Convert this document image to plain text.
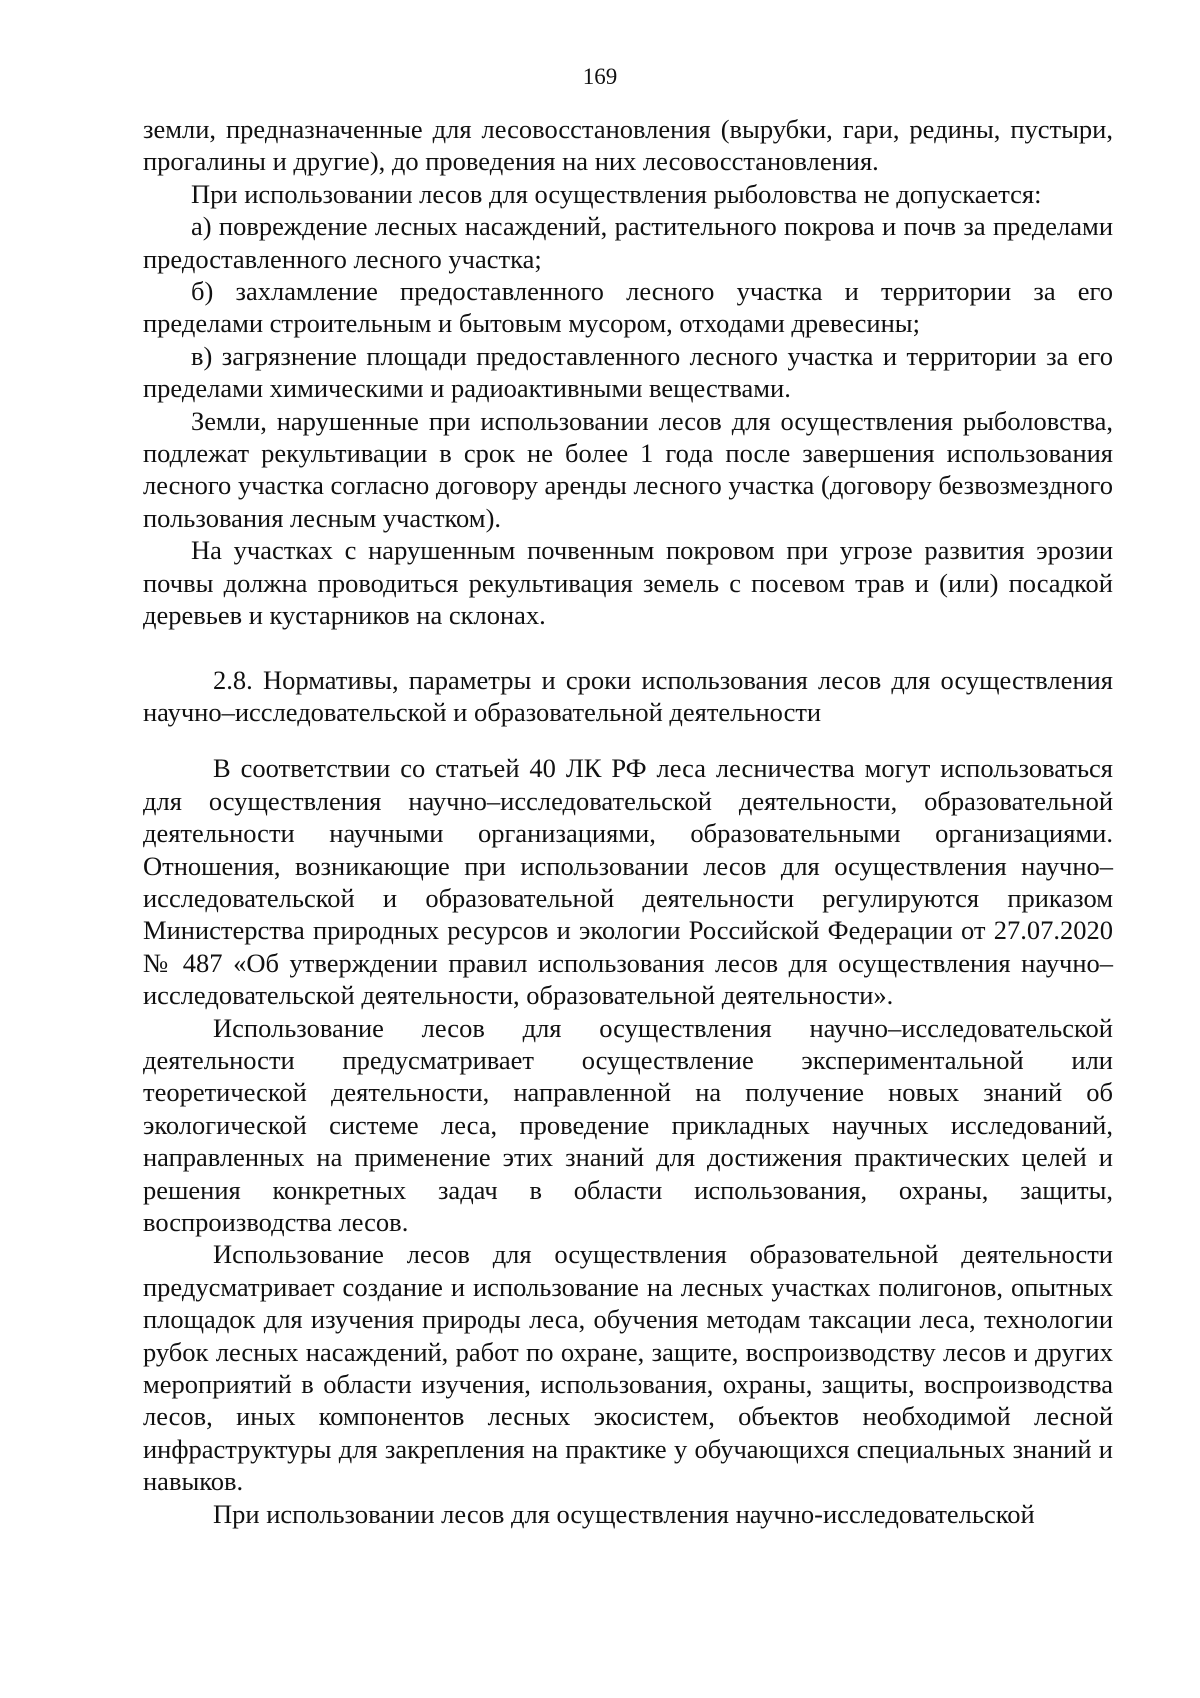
169

земли, предназначенные для лесовосстановления (вырубки, гари, редины, пустыри, прогалины и другие), до проведения на них лесовосстановления.

При использовании лесов для осуществления рыболовства не допускается:

а) повреждение лесных насаждений, растительного покрова и почв за пределами предоставленного лесного участка;

б) захламление предоставленного лесного участка и территории за его пределами строительным и бытовым мусором, отходами древесины;

в) загрязнение площади предоставленного лесного участка и территории за его пределами химическими и радиоактивными веществами.

Земли, нарушенные при использовании лесов для осуществления рыболовства, подлежат рекультивации в срок не более 1 года после завершения использования лесного участка согласно договору аренды лесного участка (договору безвозмездного пользования лесным участком).

На участках с нарушенным почвенным покровом при угрозе развития эрозии почвы должна проводиться рекультивация земель с посевом трав и (или) посадкой деревьев и кустарников на склонах.

2.8. Нормативы, параметры и сроки использования лесов для осуществления научно–исследовательской и образовательной деятельности

В соответствии со статьей 40 ЛК РФ леса лесничества могут использоваться для осуществления научно–исследовательской деятельности, образовательной деятельности научными организациями, образовательными организациями. Отношения, возникающие при использовании лесов для осуществления научно–исследовательской и образовательной деятельности регулируются приказом Министерства природных ресурсов и экологии Российской Федерации от 27.07.2020 № 487 «Об утверждении правил использования лесов для осуществления научно–исследовательской деятельности, образовательной деятельности».

Использование лесов для осуществления научно–исследовательской деятельности предусматривает осуществление экспериментальной или теоретической деятельности, направленной на получение новых знаний об экологической системе леса, проведение прикладных научных исследований, направленных на применение этих знаний для достижения практических целей и решения конкретных задач в области использования, охраны, защиты, воспроизводства лесов.

Использование лесов для осуществления образовательной деятельности предусматривает создание и использование на лесных участках полигонов, опытных площадок для изучения природы леса, обучения методам таксации леса, технологии рубок лесных насаждений, работ по охране, защите, воспроизводству лесов и других мероприятий в области изучения, использования, охраны, защиты, воспроизводства лесов, иных компонентов лесных экосистем, объектов необходимой лесной инфраструктуры для закрепления на практике у обучающихся специальных знаний и навыков.

При использовании лесов для осуществления научно-исследовательской
